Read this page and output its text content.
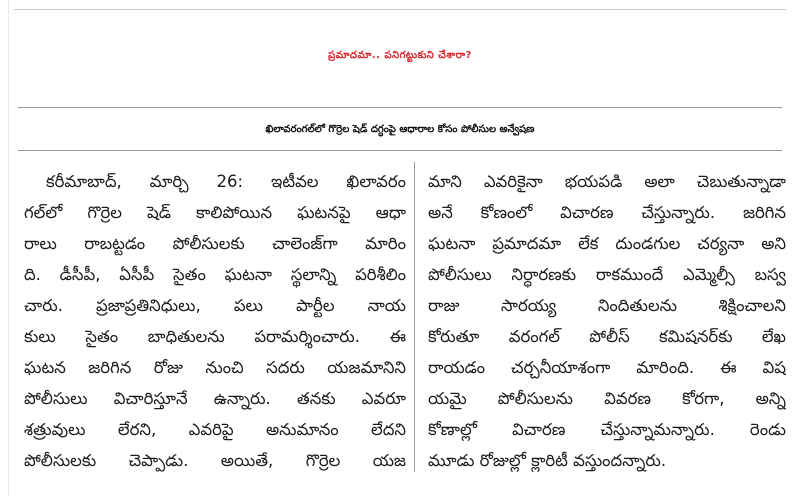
ప్రమాదమా.. పనిగట్టుకుని చేశారా?
ఖిలావరంగల్‌లో గొర్రెల షెడ్ దగ్ధంపై ఆధారాల కోసం పోలీసుల అన్వేషణ
కరీమాబాద్, మార్చి 26: ఇటీవల ఖిలావరం
గల్‌లో గొర్రెల షెడ్ కాలిపోయిన ఘటనపై ఆధా
రాలు రాబట్టడం పోలీసులకు చాలెంజ్‌గా మారిం
ది. డీసీపీ, ఏసీపీ సైతం ఘటనా స్థలాన్ని పరిశీలిం
చారు. ప్రజాప్రతినిధులు, పలు పార్టీల నాయ
కులు సైతం బాధితులను పరామర్శించారు. ఈ
ఘటన జరిగిన రోజు నుంచి సదరు యజమానిని
పోలీసులు విచారిస్తూనే ఉన్నారు. తనకు ఎవరూ
శత్రువులు లేరని, ఎవరిపై అనుమానం లేదని
పోలీసులకు చెప్పాడు. అయితే, గొర్రెల యజ
మాని ఎవరికైనా భయపడి అలా చెబుతున్నాడా
అనే కోణంలో విచారణ చేస్తున్నారు. జరిగిన
ఘటనా ప్రమాదమా లేక దుండగుల చర్యనా అని
పోలీసులు నిర్ధారణకు రాకముందే ఎమ్మెల్సీ బస్వ
రాజు సారయ్య నిందితులను శిక్షించాలని
కోరుతూ వరంగల్ పోలీస్ కమిషనర్‌కు లేఖ
రాయడం చర్చనీయాశంగా మారింది. ఈ విష
యమై పోలీసులను వివరణ కోరగా, అన్ని
కోణాల్లో విచారణ చేస్తున్నామన్నారు. రెండు
మూడు రోజుల్లో క్లారిటీ వస్తుందన్నారు.
